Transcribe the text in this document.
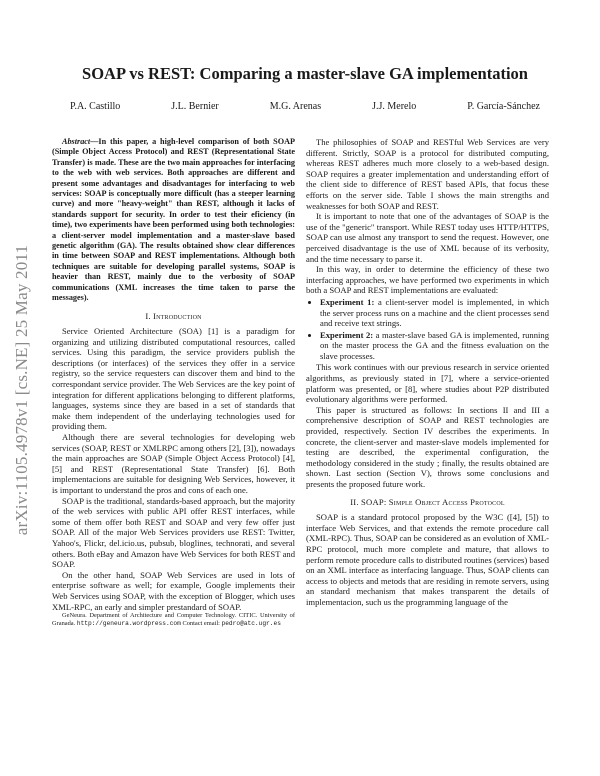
arXiv:1105.4978v1 [cs.NE] 25 May 2011
SOAP vs REST: Comparing a master-slave GA implementation
P.A. Castillo	J.L. Bernier	M.G. Arenas	J.J. Merelo	P. García-Sánchez

Abstract—In this paper, a high-level comparison of both SOAP (Simple Object Access Protocol) and REST (Representational State Transfer) is made. These are the two main approaches for interfacing to the web with web services. Both approaches are different and present some advantages and disadvantages for interfacing to web services: SOAP is conceptually more difficult (has a steeper learning curve) and more "heavy-weight" than REST, although it lacks of standards support for security. In order to test their eficiency (in time), two experiments have been performed using both technologies: a client-server model implementation and a master-slave based genetic algorithm (GA). The results obtained show clear differences in time between SOAP and REST implementations. Although both techniques are suitable for developing parallel systems, SOAP is heavier than REST, mainly due to the verbosity of SOAP communications (XML increases the time taken to parse the messages).

I. Introduction

Service Oriented Architecture (SOA) [1] is a paradigm for organizing and utilizing distributed computational resources, called services. Using this paradigm, the service providers publish the descriptions (or interfaces) of the services they offer in a service registry, so the service requesters can discover them and bind to the correspondant service provider. The Web Services are the key point of integration for different applications belonging to different platforms, languages, systems since they are based in a set of standards that make them independent of the underlaying technologies used for providing them.

Although there are several technologies for developing web services (SOAP, REST or XMLRPC among others [2], [3]), nowadays the main approaches are SOAP (Simple Object Access Protocol) [4], [5] and REST (Representational State Transfer) [6]. Both implementacions are suitable for designing Web Services, however, it is important to understand the pros and cons of each one.

SOAP is the traditional, standards-based approach, but the majority of the web services with public API offer REST interfaces, while some of them offer both REST and SOAP and very few offer just SOAP. All of the major Web Services providers use REST: Twitter, Yahoo's, Flickr, del.icio.us, pubsub, bloglines, technorati, and several others. Both eBay and Amazon have Web Services for both REST and SOAP.

On the other hand, SOAP Web Services are used in lots of enterprise software as well; for example, Google implements their Web Services using SOAP, with the exception of Blogger, which uses XML-RPC, an early and simpler prestandard of SOAP.

GeNeura. Department of Architecture and Computer Technology. CITIC. University of Granada. http://geneura.wordpress.com Contact email: pedro@atc.ugr.es

The philosophies of SOAP and RESTful Web Services are very different. Strictly, SOAP is a protocol for distributed computing, whereas REST adheres much more closely to a web-based design. SOAP requires a greater implementation and understanding effort of the client side to difference of REST based APIs, that focus these efforts on the server side. Table I shows the main strengths and weaknesses for both SOAP and REST.

It is important to note that one of the advantages of SOAP is the use of the "generic" transport. While REST today uses HTTP/HTTPS, SOAP can use almost any transport to send the request. However, one perceived disadvantage is the use of XML because of its verbosity, and the time necessary to parse it.

In this way, in order to determine the efficiency of these two interfacing approaches, we have performed two experiments in which both a SOAP and REST implementations are evaluated:

• Experiment 1: a client-server model is implemented, in which the server process runs on a machine and the client processes send and receive text strings.
• Experiment 2: a master-slave based GA is implemented, running on the master process the GA and the fitness evaluation on the slave processes.

This work continues with our previous research in service oriented algorithms, as previously stated in [7], where a service-oriented platform was presented, or [8], where studies about P2P distributed evolutionary algorithms were performed.

This paper is structured as follows: In sections II and III a comprehensive description of SOAP and REST technologies are provided, respectively. Section IV describes the experiments. In concrete, the client-server and master-slave models implemented for testing are described, the experimental configuration, the methodology considered in the study ; finally, the results obtained are shown. Last section (Section V), throws some conclusions and presents the proposed future work.

II. SOAP: Simple Object Access Protocol

SOAP is a standard protocol proposed by the W3C ([4], [5]) to interface Web Services, and that extends the remote procedure call (XML-RPC). Thus, SOAP can be considered as an evolution of XML-RPC protocol, much more complete and mature, that allows to perform remote procedure calls to distributed routines (services) based on an XML interface as interfacing language. Thus, SOAP clients can access to objects and metods that are residing in remote servers, using an standard mechanism that makes transparent the details of implementacion, such us the programming language of the
